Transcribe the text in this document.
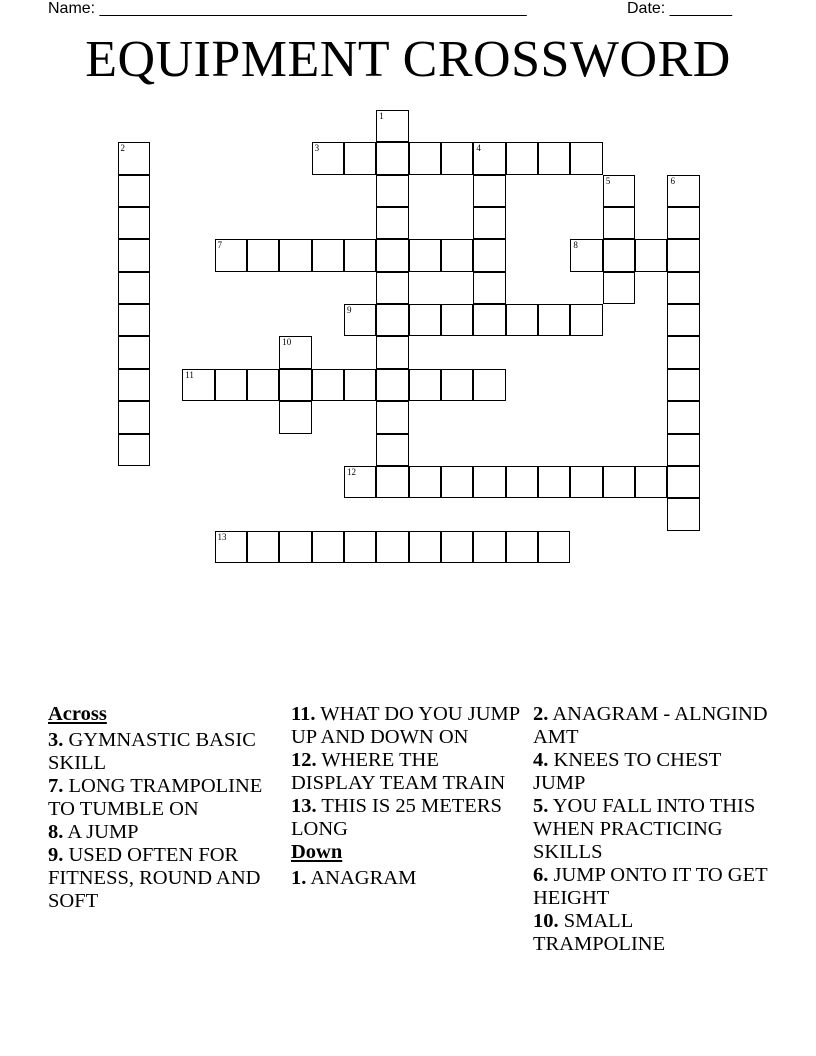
Name: ________________________________________________	Date: _______
EQUIPMENT CROSSWORD
1
2	3	4
5	6
7	8
9
10
11
12
13
Across

3. GYMNASTIC BASIC SKILL

7. LONG TRAMPOLINE TO TUMBLE ON

8. A JUMP

9. USED OFTEN FOR FITNESS, ROUND AND SOFT

11. WHAT DO YOU JUMP UP AND DOWN ON

12. WHERE THE DISPLAY TEAM TRAIN

13. THIS IS 25 METERS LONG

Down

1. ANAGRAM

2. ANAGRAM - ALNGIND AMT

4. KNEES TO CHEST JUMP

5. YOU FALL INTO THIS WHEN PRACTICING SKILLS

6. JUMP ONTO IT TO GET HEIGHT

10. SMALL TRAMPOLINE
